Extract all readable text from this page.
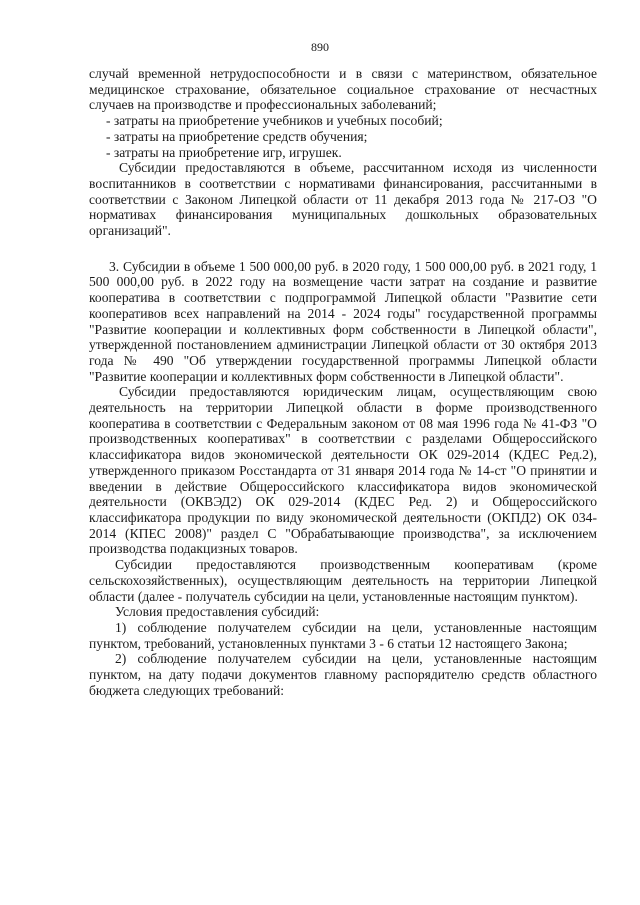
890

случай временной нетрудоспособности и в связи с материнством, обязательное медицинское страхование, обязательное социальное страхование от несчастных случаев на производстве и профессиональных заболеваний;

- затраты на приобретение учебников и учебных пособий;

- затраты на приобретение средств обучения;

- затраты на приобретение игр, игрушек.

Субсидии предоставляются в объеме, рассчитанном исходя из численности воспитанников в соответствии с нормативами финансирования, рассчитанными в соответствии с Законом Липецкой области от 11 декабря 2013 года № 217-ОЗ "О нормативах финансирования муниципальных дошкольных образовательных организаций".

3. Субсидии в объеме 1 500 000,00 руб. в 2020 году, 1 500 000,00 руб. в 2021 году, 1 500 000,00 руб. в 2022 году на возмещение части затрат на создание и развитие кооператива в соответствии с подпрограммой Липецкой области "Развитие сети кооперативов всех направлений на 2014 - 2024 годы" государственной программы "Развитие кооперации и коллективных форм собственности в Липецкой области", утвержденной постановлением администрации Липецкой области от 30 октября 2013 года № 490 "Об утверждении государственной программы Липецкой области "Развитие кооперации и коллективных форм собственности в Липецкой области".

Субсидии предоставляются юридическим лицам, осуществляющим свою деятельность на территории Липецкой области в форме производственного кооператива в соответствии с Федеральным законом от 08 мая 1996 года № 41-ФЗ "О производственных кооперативах" в соответствии с разделами Общероссийского классификатора видов экономической деятельности ОК 029-2014 (КДЕС Ред.2), утвержденного приказом Росстандарта от 31 января 2014 года № 14-ст "О принятии и введении в действие Общероссийского классификатора видов экономической деятельности (ОКВЭД2) ОК 029-2014 (КДЕС Ред. 2) и Общероссийского классификатора продукции по виду экономической деятельности (ОКПД2) ОК 034-2014 (КПЕС 2008)" раздел С "Обрабатывающие производства", за исключением производства подакцизных товаров.

Субсидии предоставляются производственным кооперативам (кроме сельскохозяйственных), осуществляющим деятельность на территории Липецкой области (далее - получатель субсидии на цели, установленные настоящим пунктом).

Условия предоставления субсидий:

1) соблюдение получателем субсидии на цели, установленные настоящим пунктом, требований, установленных пунктами 3 - 6 статьи 12 настоящего Закона;

2) соблюдение получателем субсидии на цели, установленные настоящим пунктом, на дату подачи документов главному распорядителю средств областного бюджета следующих требований:
